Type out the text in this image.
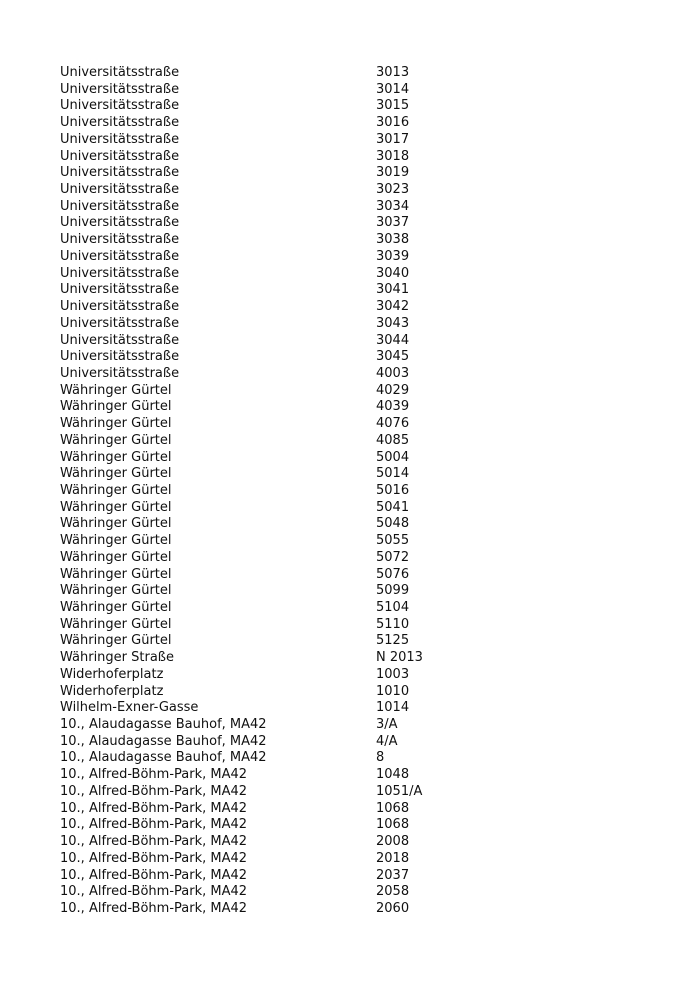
Universitätsstraße	3013
Universitätsstraße	3014
Universitätsstraße	3015
Universitätsstraße	3016
Universitätsstraße	3017
Universitätsstraße	3018
Universitätsstraße	3019
Universitätsstraße	3023
Universitätsstraße	3034
Universitätsstraße	3037
Universitätsstraße	3038
Universitätsstraße	3039
Universitätsstraße	3040
Universitätsstraße	3041
Universitätsstraße	3042
Universitätsstraße	3043
Universitätsstraße	3044
Universitätsstraße	3045
Universitätsstraße	4003
Währinger Gürtel	4029
Währinger Gürtel	4039
Währinger Gürtel	4076
Währinger Gürtel	4085
Währinger Gürtel	5004
Währinger Gürtel	5014
Währinger Gürtel	5016
Währinger Gürtel	5041
Währinger Gürtel	5048
Währinger Gürtel	5055
Währinger Gürtel	5072
Währinger Gürtel	5076
Währinger Gürtel	5099
Währinger Gürtel	5104
Währinger Gürtel	5110
Währinger Gürtel	5125
Währinger Straße	N 2013
Widerhoferplatz	1003
Widerhoferplatz	1010
Wilhelm-Exner-Gasse	1014
10., Alaudagasse Bauhof, MA42	3/A
10., Alaudagasse Bauhof, MA42	4/A
10., Alaudagasse Bauhof, MA42	8
10., Alfred-Böhm-Park, MA42	1048
10., Alfred-Böhm-Park, MA42	1051/A
10., Alfred-Böhm-Park, MA42	1068
10., Alfred-Böhm-Park, MA42	1068
10., Alfred-Böhm-Park, MA42	2008
10., Alfred-Böhm-Park, MA42	2018
10., Alfred-Böhm-Park, MA42	2037
10., Alfred-Böhm-Park, MA42	2058
10., Alfred-Böhm-Park, MA42	2060
